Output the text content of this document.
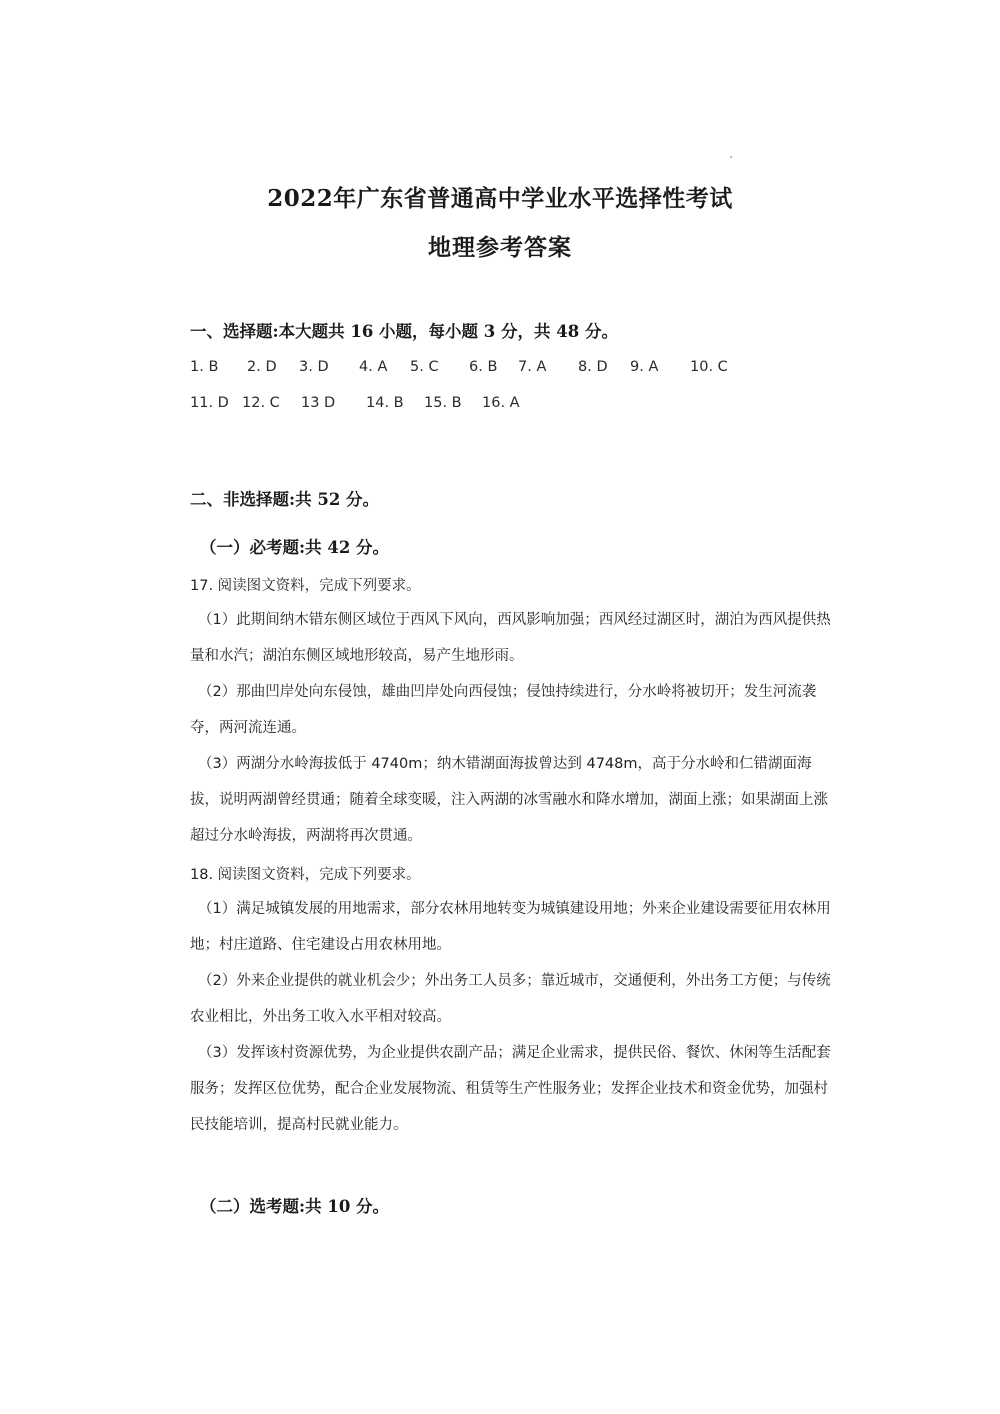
2022年广东省普通高中学业水平选择性考试
地理参考答案
一、选择题:本大题共 16 小题，每小题 3 分，共 48 分。
1. B 2. D 3. D 4. A 5. C 6. B 7. A 8. D 9. A 10. C
11. D 12. C 13 D 14. B 15. B 16. A
二、非选择题:共 52 分。
（一）必考题:共 42 分。
17. 阅读图文资料，完成下列要求。
（1）此期间纳木错东侧区域位于西风下风向，西风影响加强；西风经过湖区时，湖泊为西风提供热量和水汽；湖泊东侧区域地形较高，易产生地形雨。
（2）那曲凹岸处向东侵蚀，雄曲凹岸处向西侵蚀；侵蚀持续进行，分水岭将被切开；发生河流袭夺，两河流连通。
（3）两湖分水岭海拔低于 4740m；纳木错湖面海拔曾达到 4748m，高于分水岭和仁错湖面海拔，说明两湖曾经贯通；随着全球变暖，注入两湖的冰雪融水和降水增加，湖面上涨；如果湖面上涨超过分水岭海拔，两湖将再次贯通。
18. 阅读图文资料，完成下列要求。
（1）满足城镇发展的用地需求，部分农林用地转变为城镇建设用地；外来企业建设需要征用农林用地；村庄道路、住宅建设占用农林用地。
（2）外来企业提供的就业机会少；外出务工人员多；靠近城市，交通便利，外出务工方便；与传统农业相比，外出务工收入水平相对较高。
（3）发挥该村资源优势，为企业提供农副产品；满足企业需求，提供民俗、餐饮、休闲等生活配套服务；发挥区位优势，配合企业发展物流、租赁等生产性服务业；发挥企业技术和资金优势，加强村民技能培训，提高村民就业能力。
（二）选考题:共 10 分。
